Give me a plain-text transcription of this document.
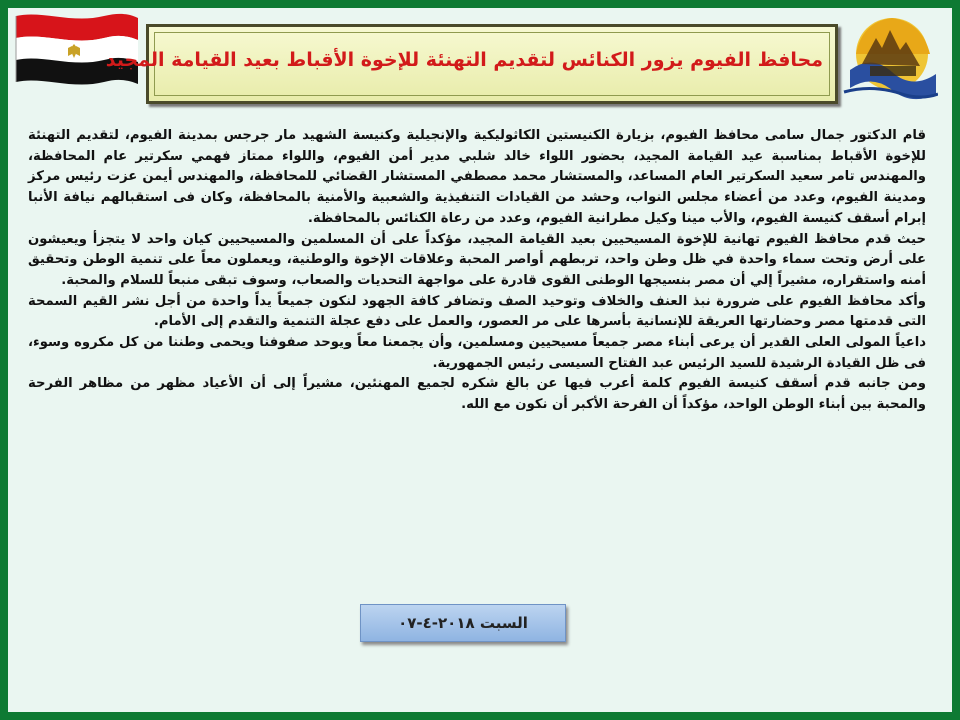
محافظ الفيوم يزور الكنائس لتقديم التهنئة للإخوة الأقباط بعيد القيامة المجيد

قام الدكتور جمال سامى محافظ الفيوم، بزيارة الكنيستين الكاثوليكية والإنجيلية وكنيسة الشهيد مار جرجس بمدينة الفيوم، لتقديم التهنئة للإخوة الأقباط بمناسبة عيد القيامة المجيد، بحضور اللواء خالد شلبي مدير أمن الفيوم، واللواء ممتاز فهمي سكرتير عام المحافظة، والمهندس تامر سعيد السكرتير العام المساعد، والمستشار محمد مصطفي المستشار القضائي للمحافظة، والمهندس أيمن عزت رئيس مركز ومدينة الفيوم، وعدد من أعضاء مجلس النواب، وحشد من القيادات التنفيذية والشعبية والأمنية بالمحافظة، وكان فى استقبالهم نيافة الأنبا إبرام أسقف كنيسة الفيوم، والأب مينا وكيل مطرانية الفيوم، وعدد من رعاة الكنائس بالمحافظة.

حيث قدم محافظ الفيوم تهانية للإخوة المسيحيين بعيد القيامة المجيد، مؤكداً على أن المسلمين والمسيحيين كيان واحد لا يتجزأ ويعيشون على أرض وتحت سماء واحدة في ظل وطن واحد، تربطهم أواصر المحبة وعلاقات الإخوة والوطنية، ويعملون معاً على تنمية الوطن وتحقيق أمنه واستقراره، مشيراً إلي أن مصر بنسيجها الوطنى القوى قادرة على مواجهة التحديات والصعاب، وسوف تبقى منبعاً للسلام والمحبة.

وأكد محافظ الفيوم على ضرورة نبذ العنف والخلاف وتوحيد الصف وتضافر كافة الجهود لنكون جميعاً يداً واحدة من أجل نشر القيم السمحة التى قدمتها مصر وحضارتها العريقة للإنسانية بأسرها على مر العصور، والعمل على دفع عجلة التنمية والتقدم إلى الأمام.

داعياً المولى العلى القدير أن يرعى أبناء مصر جميعاً مسيحيين ومسلمين، وأن يجمعنا معاً ويوحد صفوفنا ويحمى وطننا من كل مكروه وسوء، فى ظل القيادة الرشيدة للسيد الرئيس عبد الفتاح السيسى رئيس الجمهورية.

ومن جانبه قدم أسقف كنيسة الفيوم كلمة أعرب فيها عن بالغ شكره لجميع المهنئين، مشيراً إلى أن الأعياد مظهر من مظاهر الفرحة والمحبة بين أبناء الوطن الواحد، مؤكداً أن الفرحة الأكبر أن نكون مع الله.

السبت ٢٠١٨-٤-٠٧
